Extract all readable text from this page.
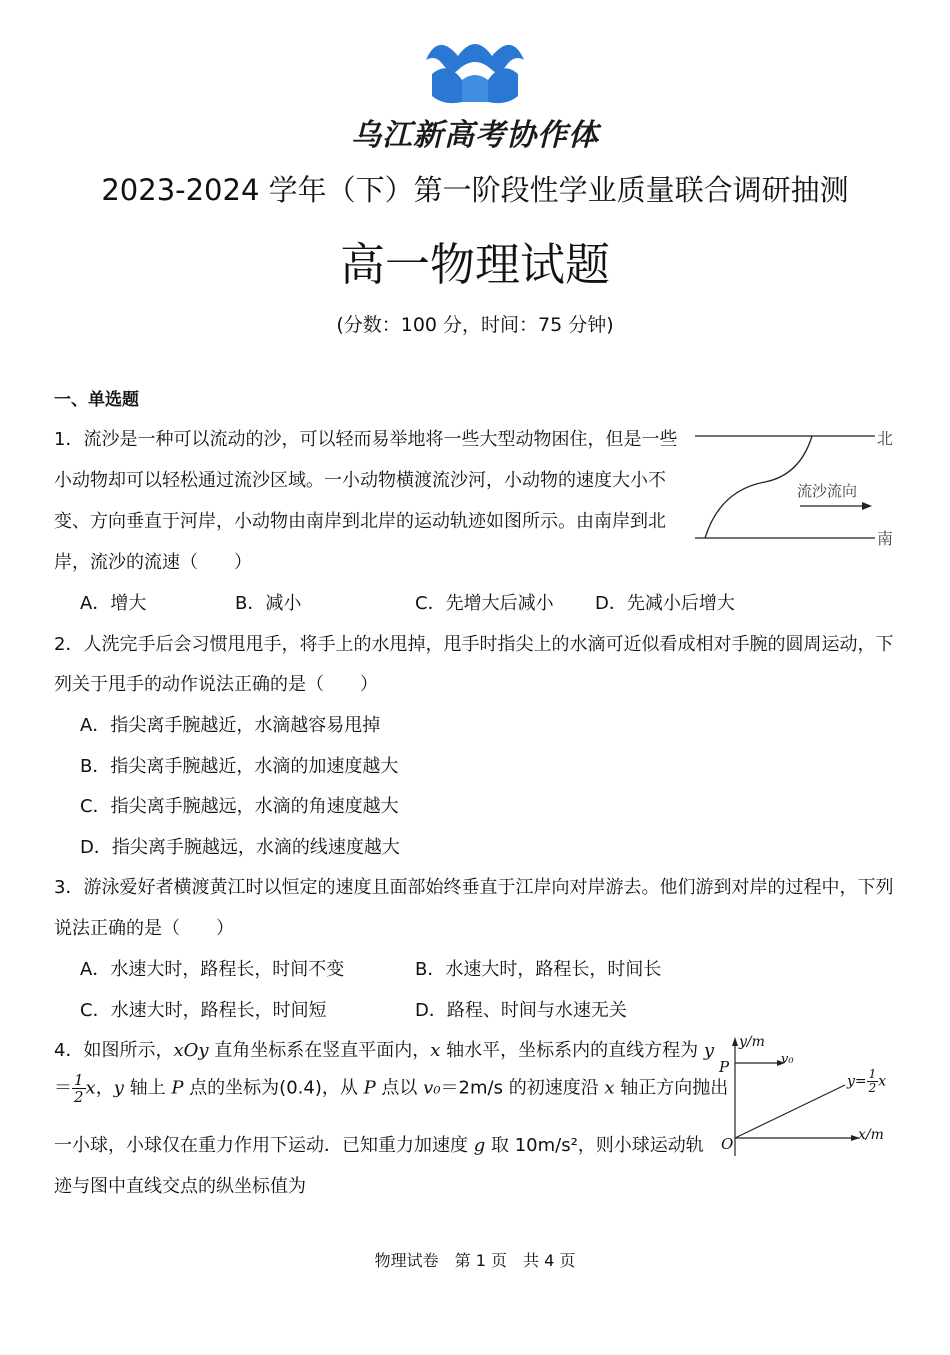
乌江新高考协作体
2023-2024 学年（下）第一阶段性学业质量联合调研抽测
高一物理试题
(分数：100 分，时间：75 分钟)
一、单选题
1．流沙是一种可以流动的沙，可以轻而易举地将一些大型动物困住，但是一些
小动物却可以轻松通过流沙区域。一小动物横渡流沙河，小动物的速度大小不
变、方向垂直于河岸，小动物由南岸到北岸的运动轨迹如图所示。由南岸到北
岸，流沙的流速（　　）
A．增大	B．减小	C．先增大后减小 D．先减小后增大
北
南
流沙流向
2．人洗完手后会习惯甩甩手，将手上的水甩掉，甩手时指尖上的水滴可近似看成相对手腕的圆周运动，下
列关于甩手的动作说法正确的是（　　）
A．指尖离手腕越近，水滴越容易甩掉
B．指尖离手腕越近，水滴的加速度越大
C．指尖离手腕越远，水滴的角速度越大
D．指尖离手腕越远，水滴的线速度越大
3．游泳爱好者横渡黄江时以恒定的速度且面部始终垂直于江岸向对岸游去。他们游到对岸的过程中，下列
说法正确的是（　　）
A．水速大时，路程长，时间不变	B．水速大时，路程长，时间长
C．水速大时，路程长，时间短	D．路程、时间与水速无关
4．如图所示，xOy 直角坐标系在竖直平面内，x 轴水平，坐标系内的直线方程为 y
＝ $\frac{1}{2}$ x，y 轴上 P 点的坐标为(0.4)，从 P 点以 v₀＝2m/s 的初速度沿 x 轴正方向抛出
一小球，小球仅在重力作用下运动．已知重力加速度 g 取 10m/s²，则小球运动轨
迹与图中直线交点的纵坐标值为
y/m
x/m
O
P	v₀
$y= \frac{1}{2}$ x
物理试卷　第 1 页　共 4 页
